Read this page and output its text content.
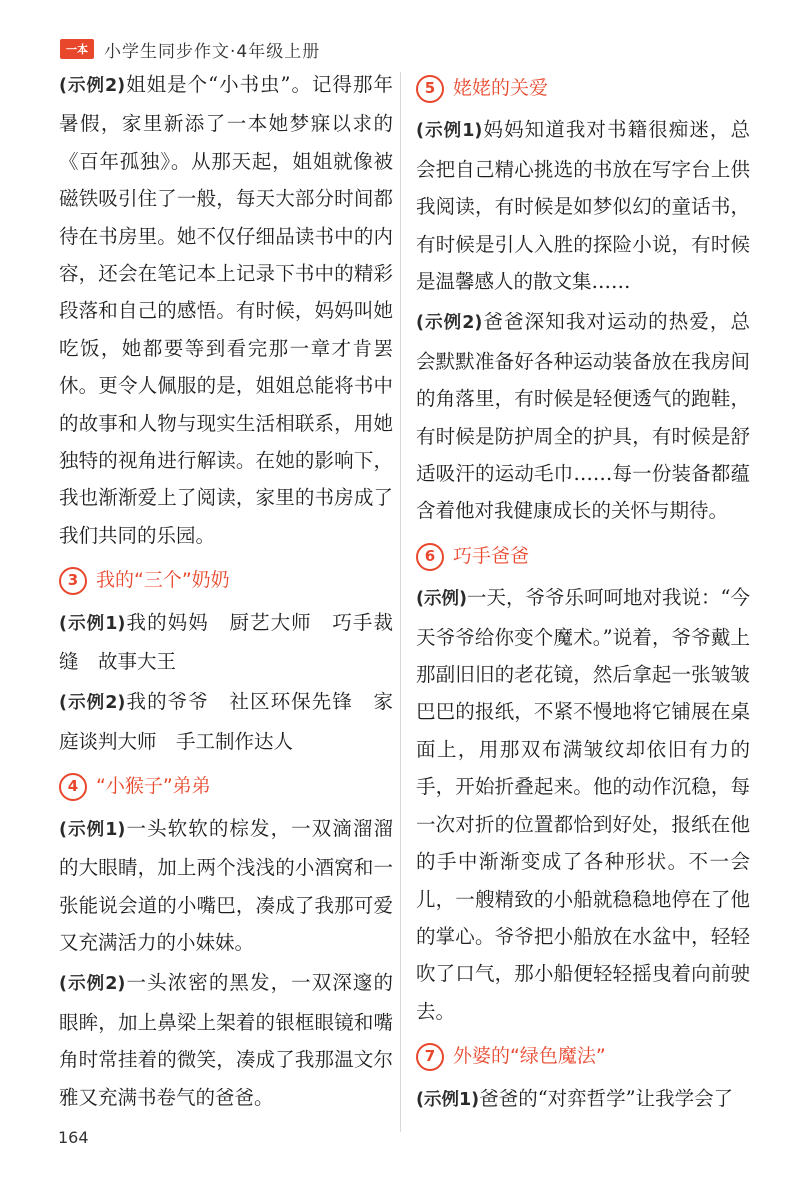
一本 小学生同步作文·4年级上册

(示例2)姐姐是个“小书虫”。记得那年暑假，家里新添了一本她梦寐以求的《百年孤独》。从那天起，姐姐就像被磁铁吸引住了一般，每天大部分时间都待在书房里。她不仅仔细品读书中的内容，还会在笔记本上记录下书中的精彩段落和自己的感悟。有时候，妈妈叫她吃饭，她都要等到看完那一章才肯罢休。更令人佩服的是，姐姐总能将书中的故事和人物与现实生活相联系，用她独特的视角进行解读。在她的影响下，我也渐渐爱上了阅读，家里的书房成了我们共同的乐园。

3 我的“三个”奶奶

(示例1)我的妈妈　厨艺大师　巧手裁缝　故事大王

(示例2)我的爷爷　社区环保先锋　家庭谈判大师　手工制作达人

4 “小猴子”弟弟

(示例1)一头软软的棕发，一双滴溜溜的大眼睛，加上两个浅浅的小酒窝和一张能说会道的小嘴巴，凑成了我那可爱又充满活力的小妹妹。

(示例2)一头浓密的黑发，一双深邃的眼眸，加上鼻梁上架着的银框眼镜和嘴角时常挂着的微笑，凑成了我那温文尔雅又充满书卷气的爸爸。

5 姥姥的关爱

(示例1)妈妈知道我对书籍很痴迷，总会把自己精心挑选的书放在写字台上供我阅读，有时候是如梦似幻的童话书，有时候是引人入胜的探险小说，有时候是温馨感人的散文集……

(示例2)爸爸深知我对运动的热爱，总会默默准备好各种运动装备放在我房间的角落里，有时候是轻便透气的跑鞋，有时候是防护周全的护具，有时候是舒适吸汗的运动毛巾……每一份装备都蕴含着他对我健康成长的关怀与期待。

6 巧手爸爸

(示例)一天，爷爷乐呵呵地对我说：“今天爷爷给你变个魔术。”说着，爷爷戴上那副旧旧的老花镜，然后拿起一张皱皱巴巴的报纸，不紧不慢地将它铺展在桌面上，用那双布满皱纹却依旧有力的手，开始折叠起来。他的动作沉稳，每一次对折的位置都恰到好处，报纸在他的手中渐渐变成了各种形状。不一会儿，一艘精致的小船就稳稳地停在了他的掌心。爷爷把小船放在水盆中，轻轻吹了口气，那小船便轻轻摇曳着向前驶去。

7 外婆的“绿色魔法”

(示例1)爸爸的“对弈哲学”让我学会了

164
